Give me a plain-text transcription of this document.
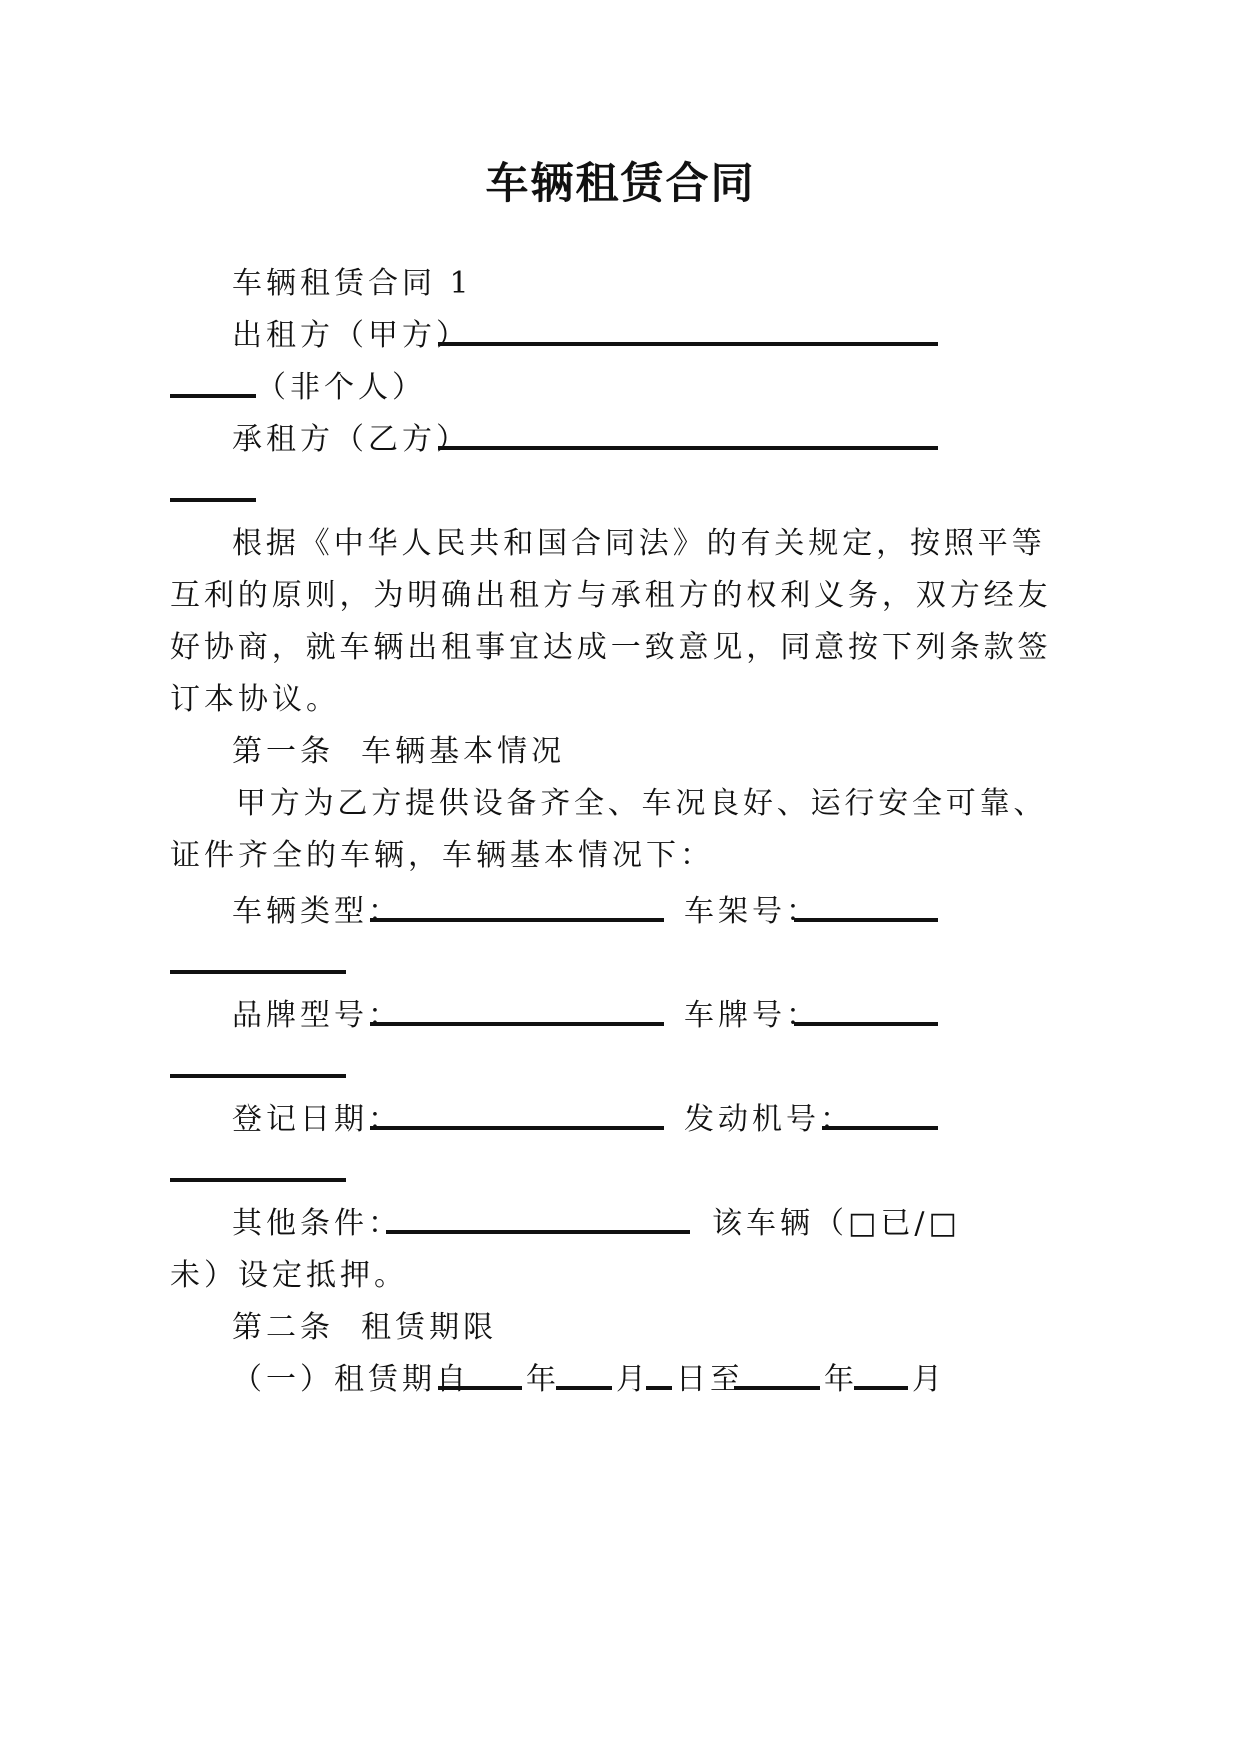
车辆租赁合同
车辆租赁合同 1
出租方（甲方）
（非个人）
承租方（乙方）
根据《中华人民共和国合同法》的有关规定，按照平等
互利的原则，为明确出租方与承租方的权利义务，双方经友
好协商，就车辆出租事宜达成一致意见，同意按下列条款签
订本协议。
第一条  车辆基本情况
甲方为乙方提供设备齐全、车况良好、运行安全可靠、
证件齐全的车辆，车辆基本情况下：
车辆类型：	车架号：
品牌型号：	车牌号：
登记日期：	发动机号：
其他条件：	该车辆（□已/□
未）设定抵押。
第二条  租赁期限
（一）租赁期自 年 月 日至	年 月
